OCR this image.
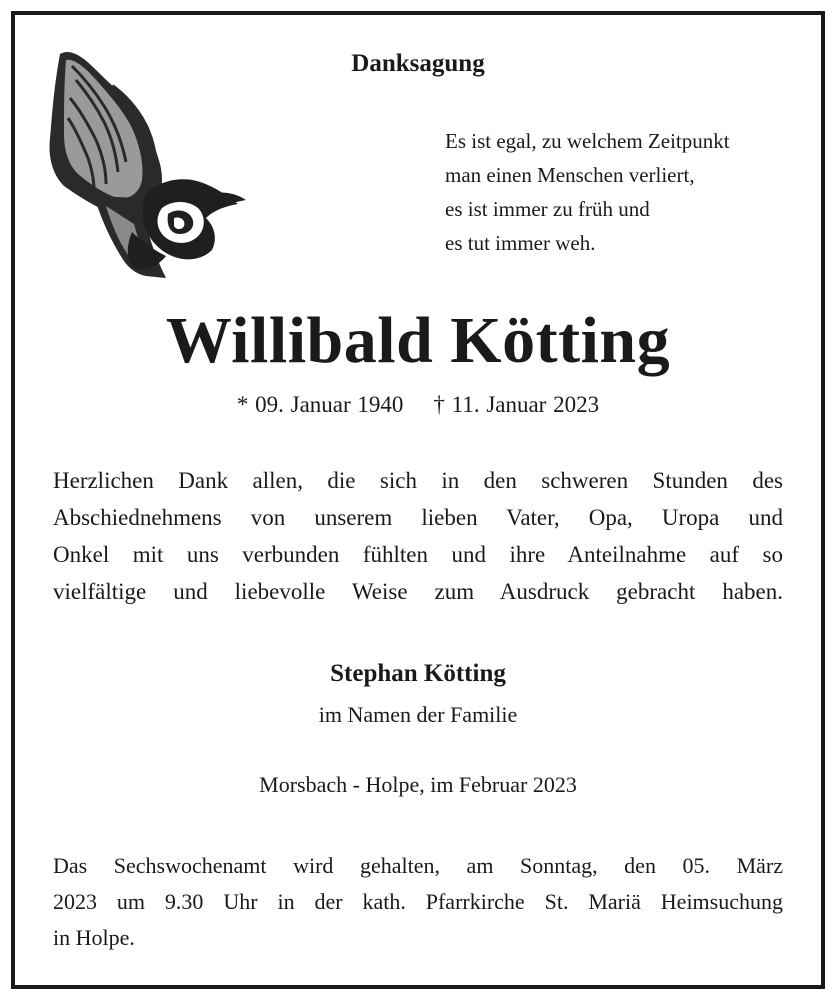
Danksagung
Es ist egal, zu welchem Zeitpunkt
man einen Menschen verliert,
es ist immer zu früh und
es tut immer weh.
Willibald Kötting
* 09. Januar 1940 † 11. Januar 2023
Herzlichen Dank allen, die sich in den schweren Stunden des
Abschiednehmens von unserem lieben Vater, Opa, Uropa und
Onkel mit uns verbunden fühlten und ihre Anteilnahme auf so
vielfältige und liebevolle Weise zum Ausdruck gebracht haben.
Stephan Kötting
im Namen der Familie
Morsbach - Holpe, im Februar 2023
Das Sechswochenamt wird gehalten, am Sonntag, den 05. März
2023 um 9.30 Uhr in der kath. Pfarrkirche St. Mariä Heimsuchung
in Holpe.
